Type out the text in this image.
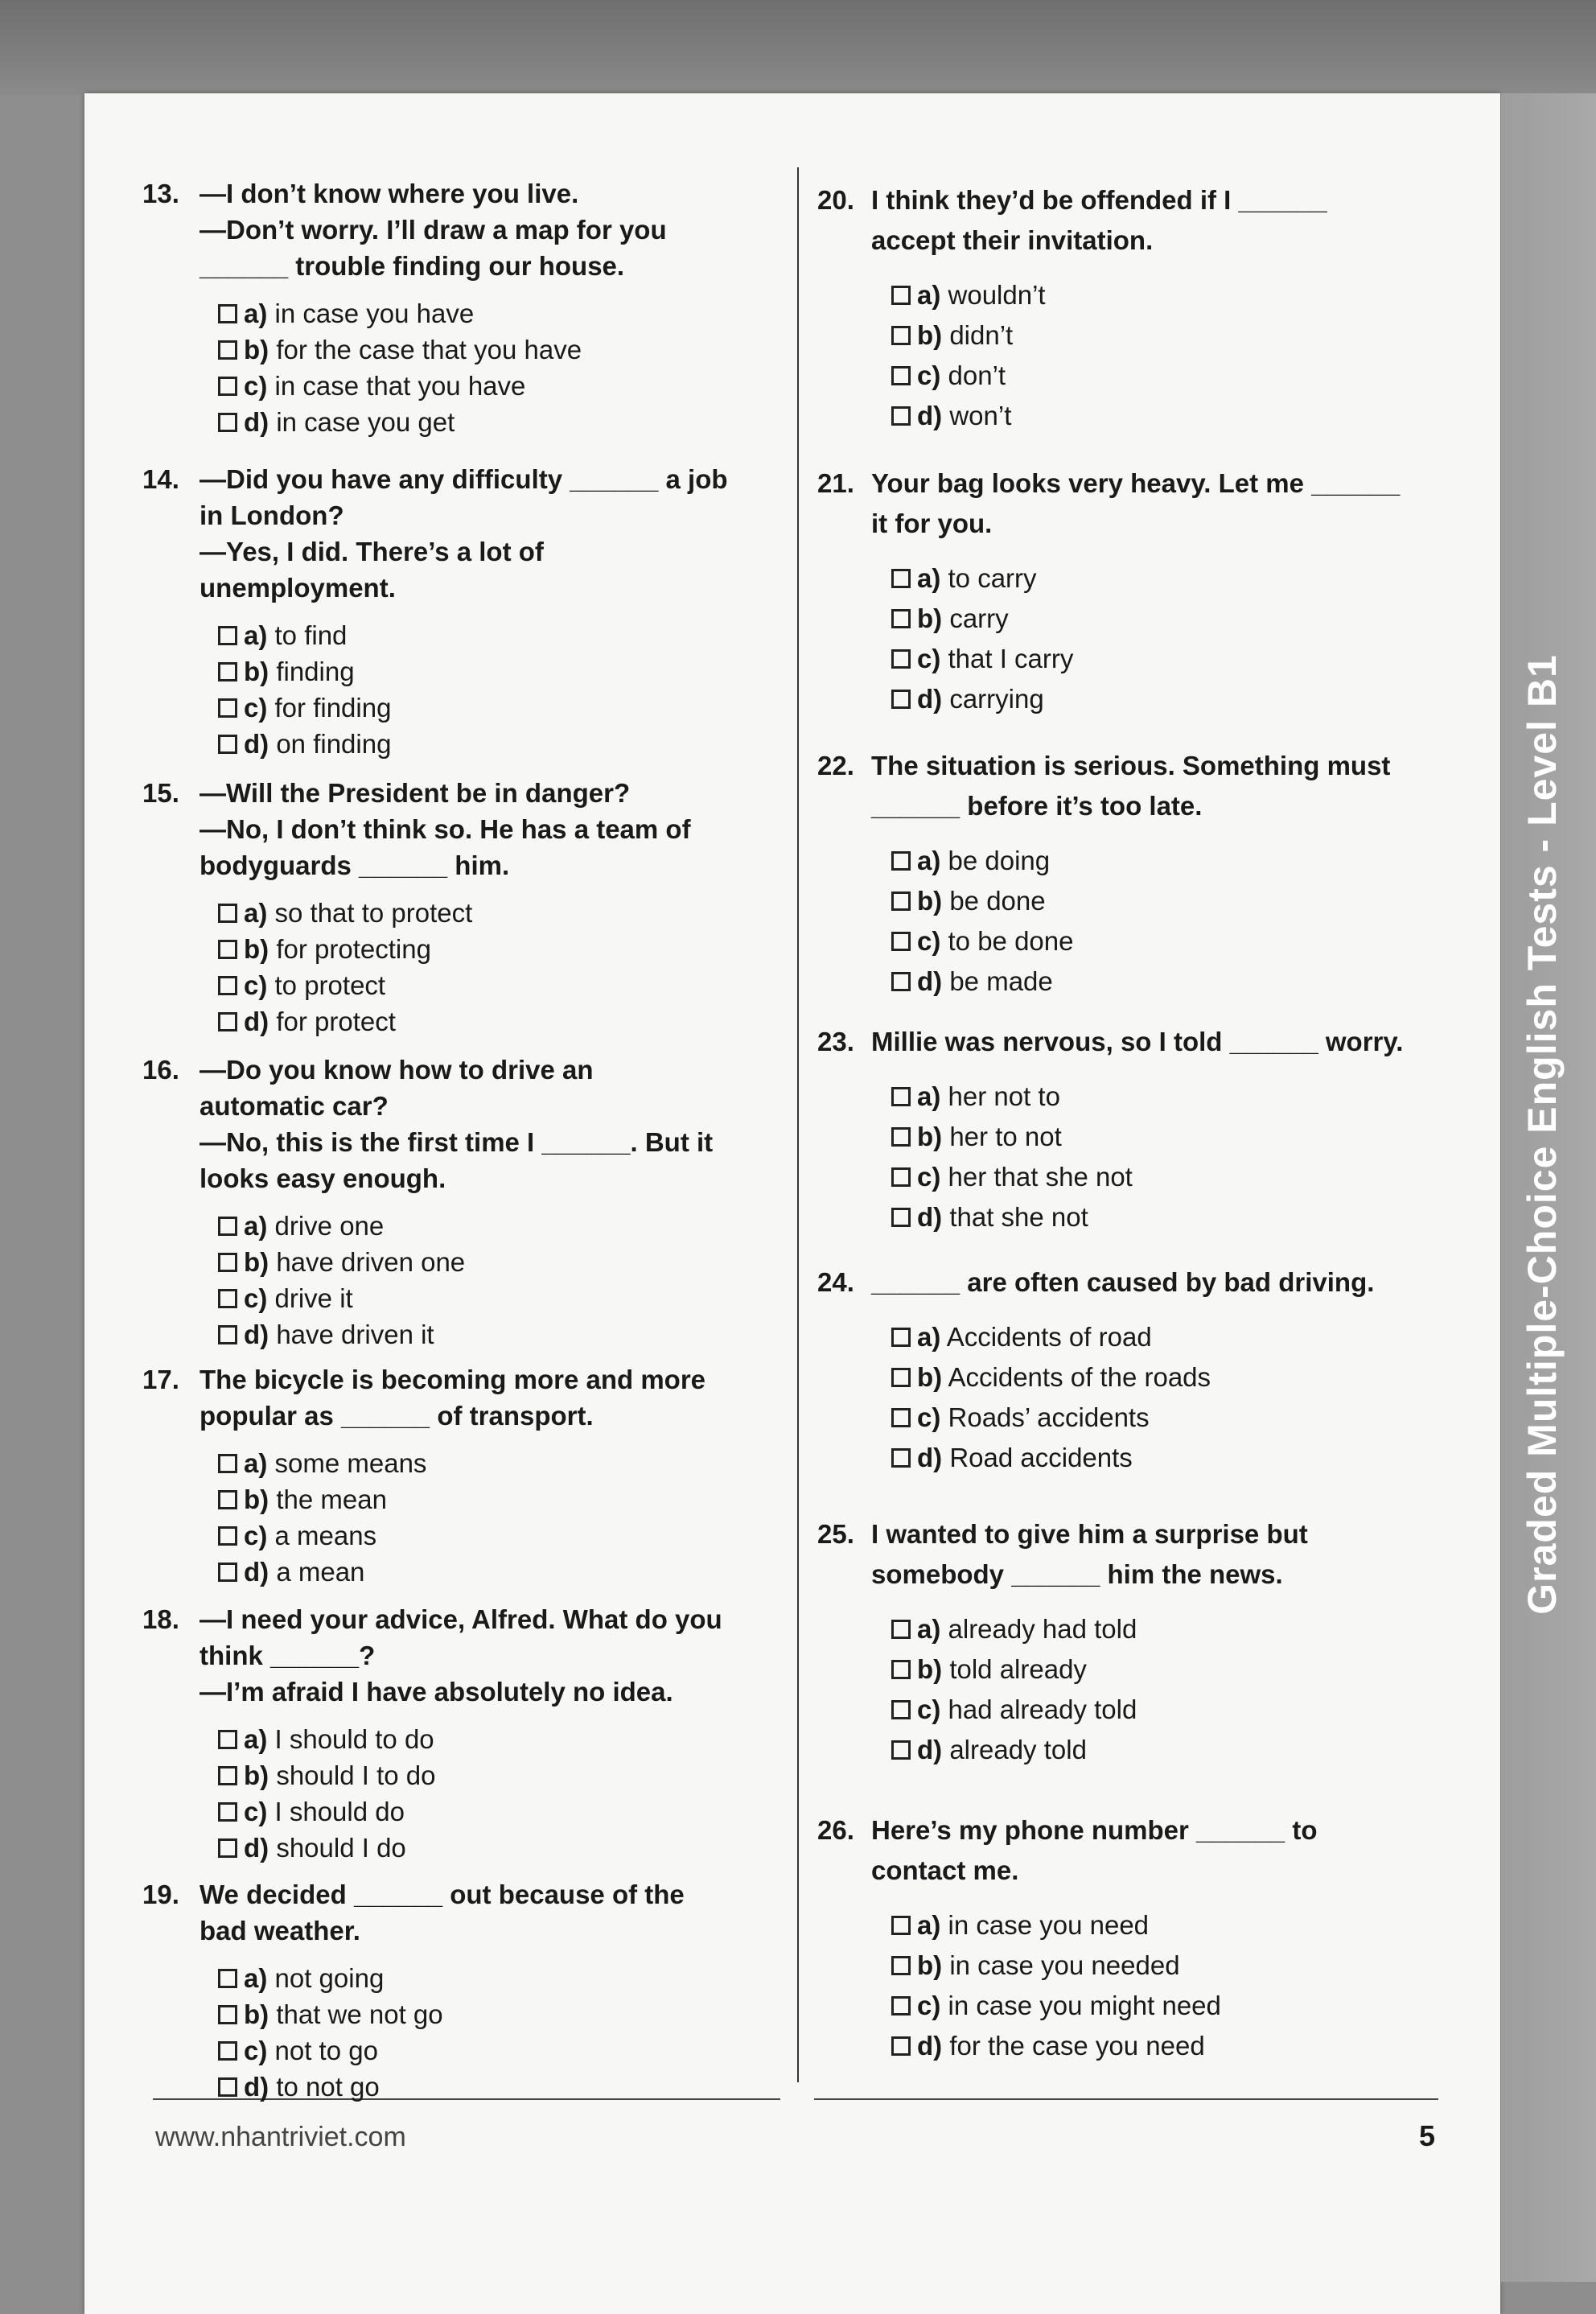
Graded Multiple-Choice English Tests - Level B1
www.nhantriviet.com	5
13. —I don’t know where you live.
—Don’t worry. I’ll draw a map for you
______ trouble finding our house.
a) in case you have
b) for the case that you have
c) in case that you have
d) in case you get
14. —Did you have any difficulty ______ a job
in London?
—Yes, I did. There’s a lot of
unemployment.
a) to find
b) finding
c) for finding
d) on finding
15. —Will the President be in danger?
—No, I don’t think so. He has a team of
bodyguards ______ him.
a) so that to protect
b) for protecting
c) to protect
d) for protect
16. —Do you know how to drive an
automatic car?
—No, this is the first time I ______. But it
looks easy enough.
a) drive one
b) have driven one
c) drive it
d) have driven it
17. The bicycle is becoming more and more
popular as ______ of transport.
a) some means
b) the mean
c) a means
d) a mean
18. —I need your advice, Alfred. What do you
think ______?
—I’m afraid I have absolutely no idea.
a) I should to do
b) should I to do
c) I should do
d) should I do
19. We decided ______ out because of the
bad weather.
a) not going
b) that we not go
c) not to go
d) to not go
20. I think they’d be offended if I ______
accept their invitation.
a) wouldn’t
b) didn’t
c) don’t
d) won’t
21. Your bag looks very heavy. Let me ______
it for you.
a) to carry
b) carry
c) that I carry
d) carrying
22. The situation is serious. Something must
______ before it’s too late.
a) be doing
b) be done
c) to be done
d) be made
23. Millie was nervous, so I told ______ worry.
a) her not to
b) her to not
c) her that she not
d) that she not
24. ______ are often caused by bad driving.
a) Accidents of road
b) Accidents of the roads
c) Roads’ accidents
d) Road accidents
25. I wanted to give him a surprise but
somebody ______ him the news.
a) already had told
b) told already
c) had already told
d) already told
26. Here’s my phone number ______ to
contact me.
a) in case you need
b) in case you needed
c) in case you might need
d) for the case you need
